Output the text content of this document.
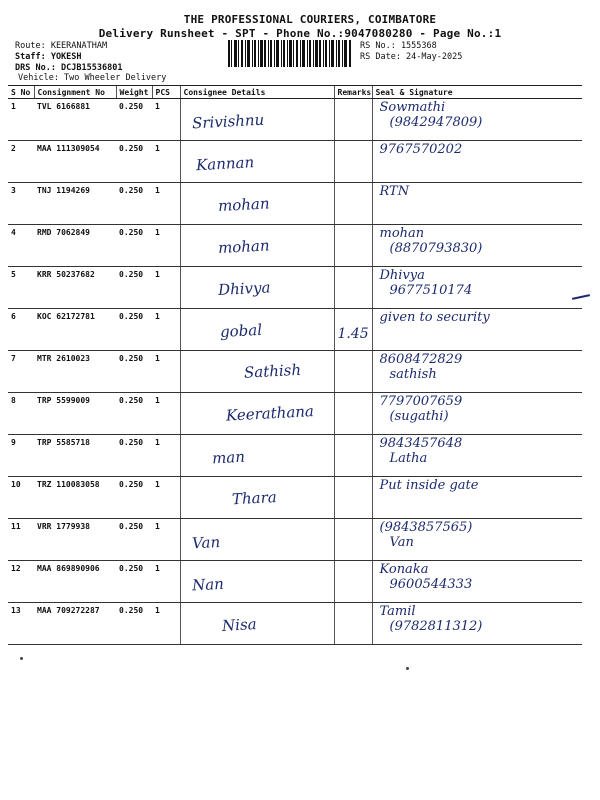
THE PROFESSIONAL COURIERS, COIMBATORE
Delivery Runsheet - SPT - Phone No.:9047080280 - Page No.:1
Route: KEERANATHAM
Staff: YOKESH
DRS No.: DCJB15536801
Vehicle: Two Wheeler Delivery
RS No.: 1555368
RS Date: 24-May-2025
S No	Consignment No	Weight	PCS	Consignee Details	Remarks	Seal & Signature
1	TVL 6166881	0.250	1	Srivishnu		Sowmathi
(9842947809)

2	MAA 111309054	0.250	1	Kannan		9767570202

3	TNJ 1194269	0.250	1	mohan		RTN

4	RMD 7062849	0.250	1	mohan		mohan
(8870793830)

5	KRR 50237682	0.250	1	Dhivya		Dhivya
9677510174

6	KOC 62172781	0.250	1	gobal	1.45	given to security

7	MTR 2610023	0.250	1	Sathish		8608472829
sathish

8	TRP 5599009	0.250	1	Keerathana		7797007659
(sugathi)

9	TRP 5585718	0.250	1	man		9843457648
Latha

10	TRZ 110083058	0.250	1	Thara		Put inside gate

11	VRR 1779938	0.250	1	Van		(9843857565)
Van

12	MAA 869890906	0.250	1	Nan		Konaka
9600544333

13	MAA 709272287	0.250	1	Nisa		Tamil
(9782811312)
